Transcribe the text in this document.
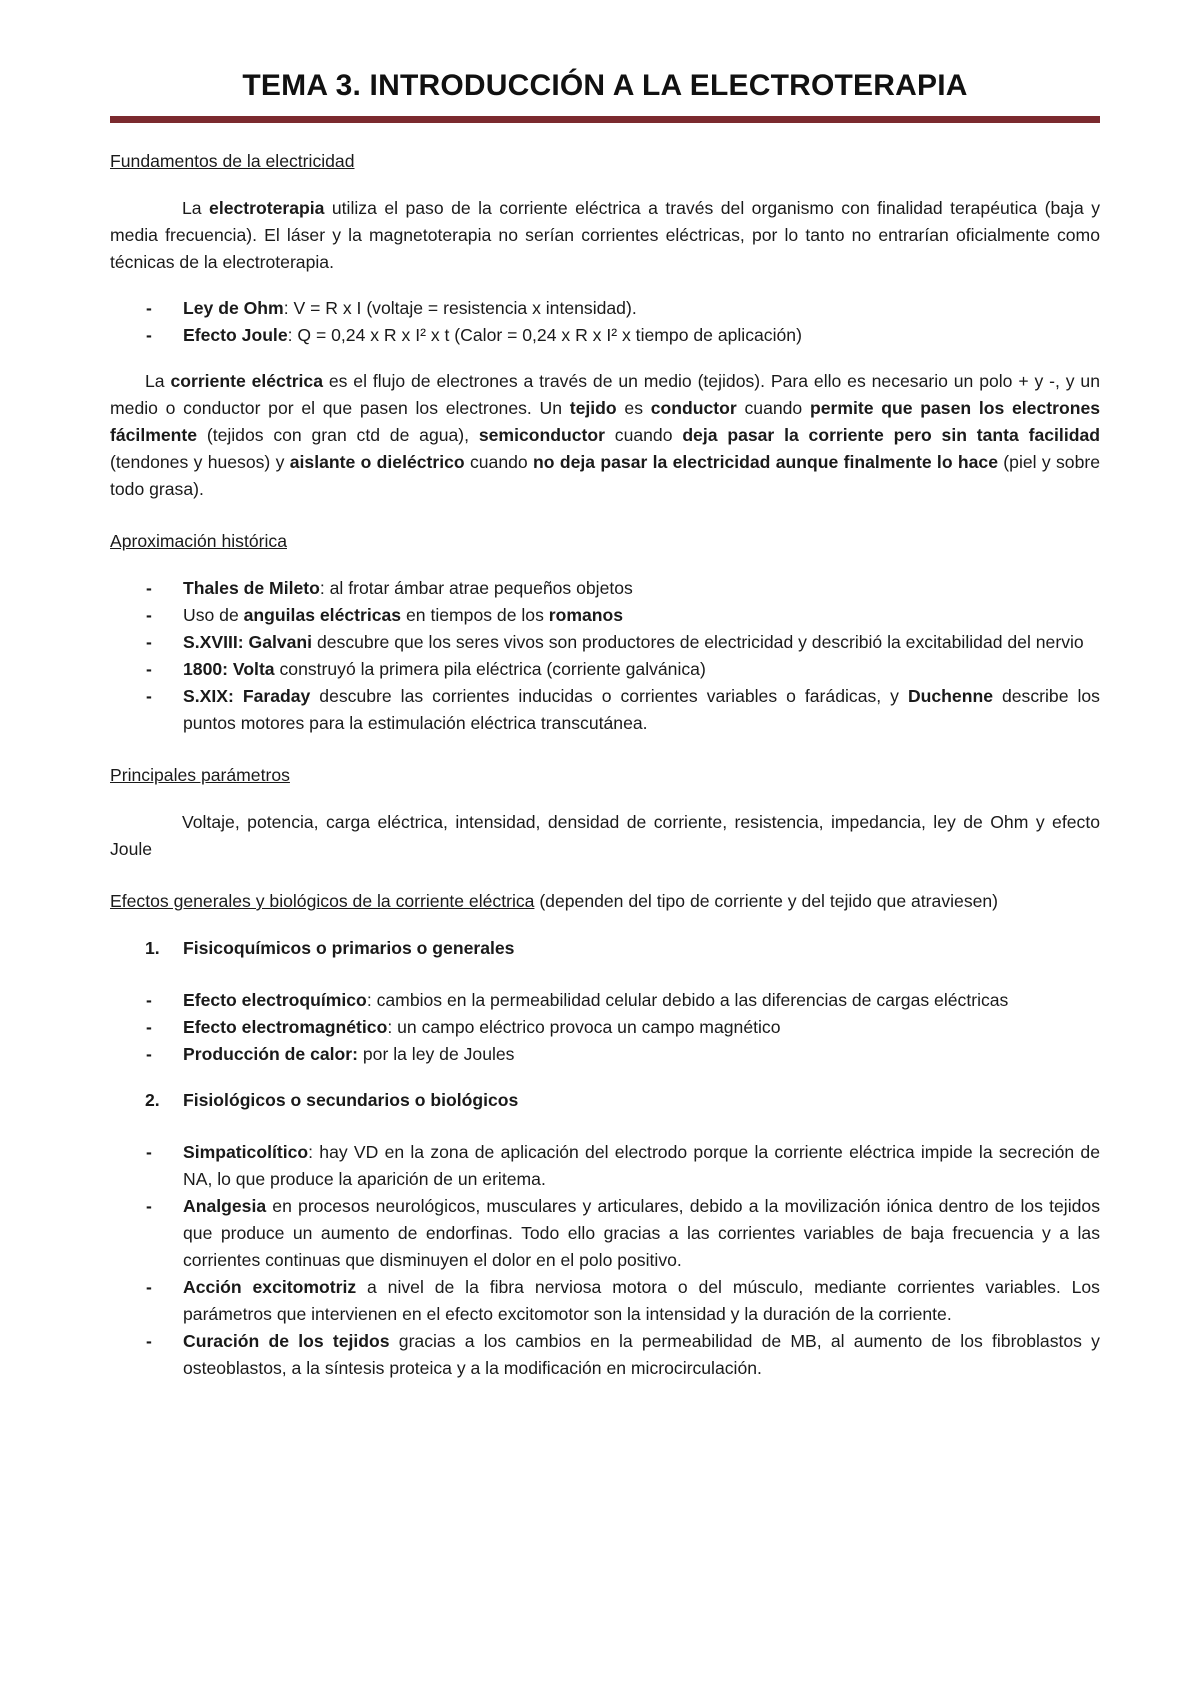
TEMA 3. INTRODUCCIÓN A LA ELECTROTERAPIA
Fundamentos de la electricidad

La electroterapia utiliza el paso de la corriente eléctrica a través del organismo con finalidad terapéutica (baja y media frecuencia). El láser y la magnetoterapia no serían corrientes eléctricas, por lo tanto no entrarían oficialmente como técnicas de la electroterapia.

- Ley de Ohm: V = R x I (voltaje = resistencia x intensidad).
- Efecto Joule: Q = 0,24 x R x I² x t (Calor = 0,24 x R x I² x tiempo de aplicación)

La corriente eléctrica es el flujo de electrones a través de un medio (tejidos). Para ello es necesario un polo + y -, y un medio o conductor por el que pasen los electrones. Un tejido es conductor cuando permite que pasen los electrones fácilmente (tejidos con gran ctd de agua), semiconductor cuando deja pasar la corriente pero sin tanta facilidad (tendones y huesos) y aislante o dieléctrico cuando no deja pasar la electricidad aunque finalmente lo hace (piel y sobre todo grasa).

Aproximación histórica
- Thales de Mileto: al frotar ámbar atrae pequeños objetos
- Uso de anguilas eléctricas en tiempos de los romanos
- S.XVIII: Galvani descubre que los seres vivos son productores de electricidad y describió la excitabilidad del nervio
- 1800: Volta construyó la primera pila eléctrica (corriente galvánica)
- S.XIX: Faraday descubre las corrientes inducidas o corrientes variables o farádicas, y Duchenne describe los puntos motores para la estimulación eléctrica transcutánea.
Principales parámetros

Voltaje, potencia, carga eléctrica, intensidad, densidad de corriente, resistencia, impedancia, ley de Ohm y efecto Joule

Efectos generales y biológicos de la corriente eléctrica (dependen del tipo de corriente y del tejido que atraviesen)
1. Fisicoquímicos o primarios o generales
- Efecto electroquímico: cambios en la permeabilidad celular debido a las diferencias de cargas eléctricas
- Efecto electromagnético: un campo eléctrico provoca un campo magnético
- Producción de calor: por la ley de Joules
2. Fisiológicos o secundarios o biológicos
- Simpaticolítico: hay VD en la zona de aplicación del electrodo porque la corriente eléctrica impide la secreción de NA, lo que produce la aparición de un eritema.
- Analgesia en procesos neurológicos, musculares y articulares, debido a la movilización iónica dentro de los tejidos que produce un aumento de endorfinas. Todo ello gracias a las corrientes variables de baja frecuencia y a las corrientes continuas que disminuyen el dolor en el polo positivo.
- Acción excitomotriz a nivel de la fibra nerviosa motora o del músculo, mediante corrientes variables. Los parámetros que intervienen en el efecto excitomotor son la intensidad y la duración de la corriente.
- Curación de los tejidos gracias a los cambios en la permeabilidad de MB, al aumento de los fibroblastos y osteoblastos, a la síntesis proteica y a la modificación en microcirculación.
